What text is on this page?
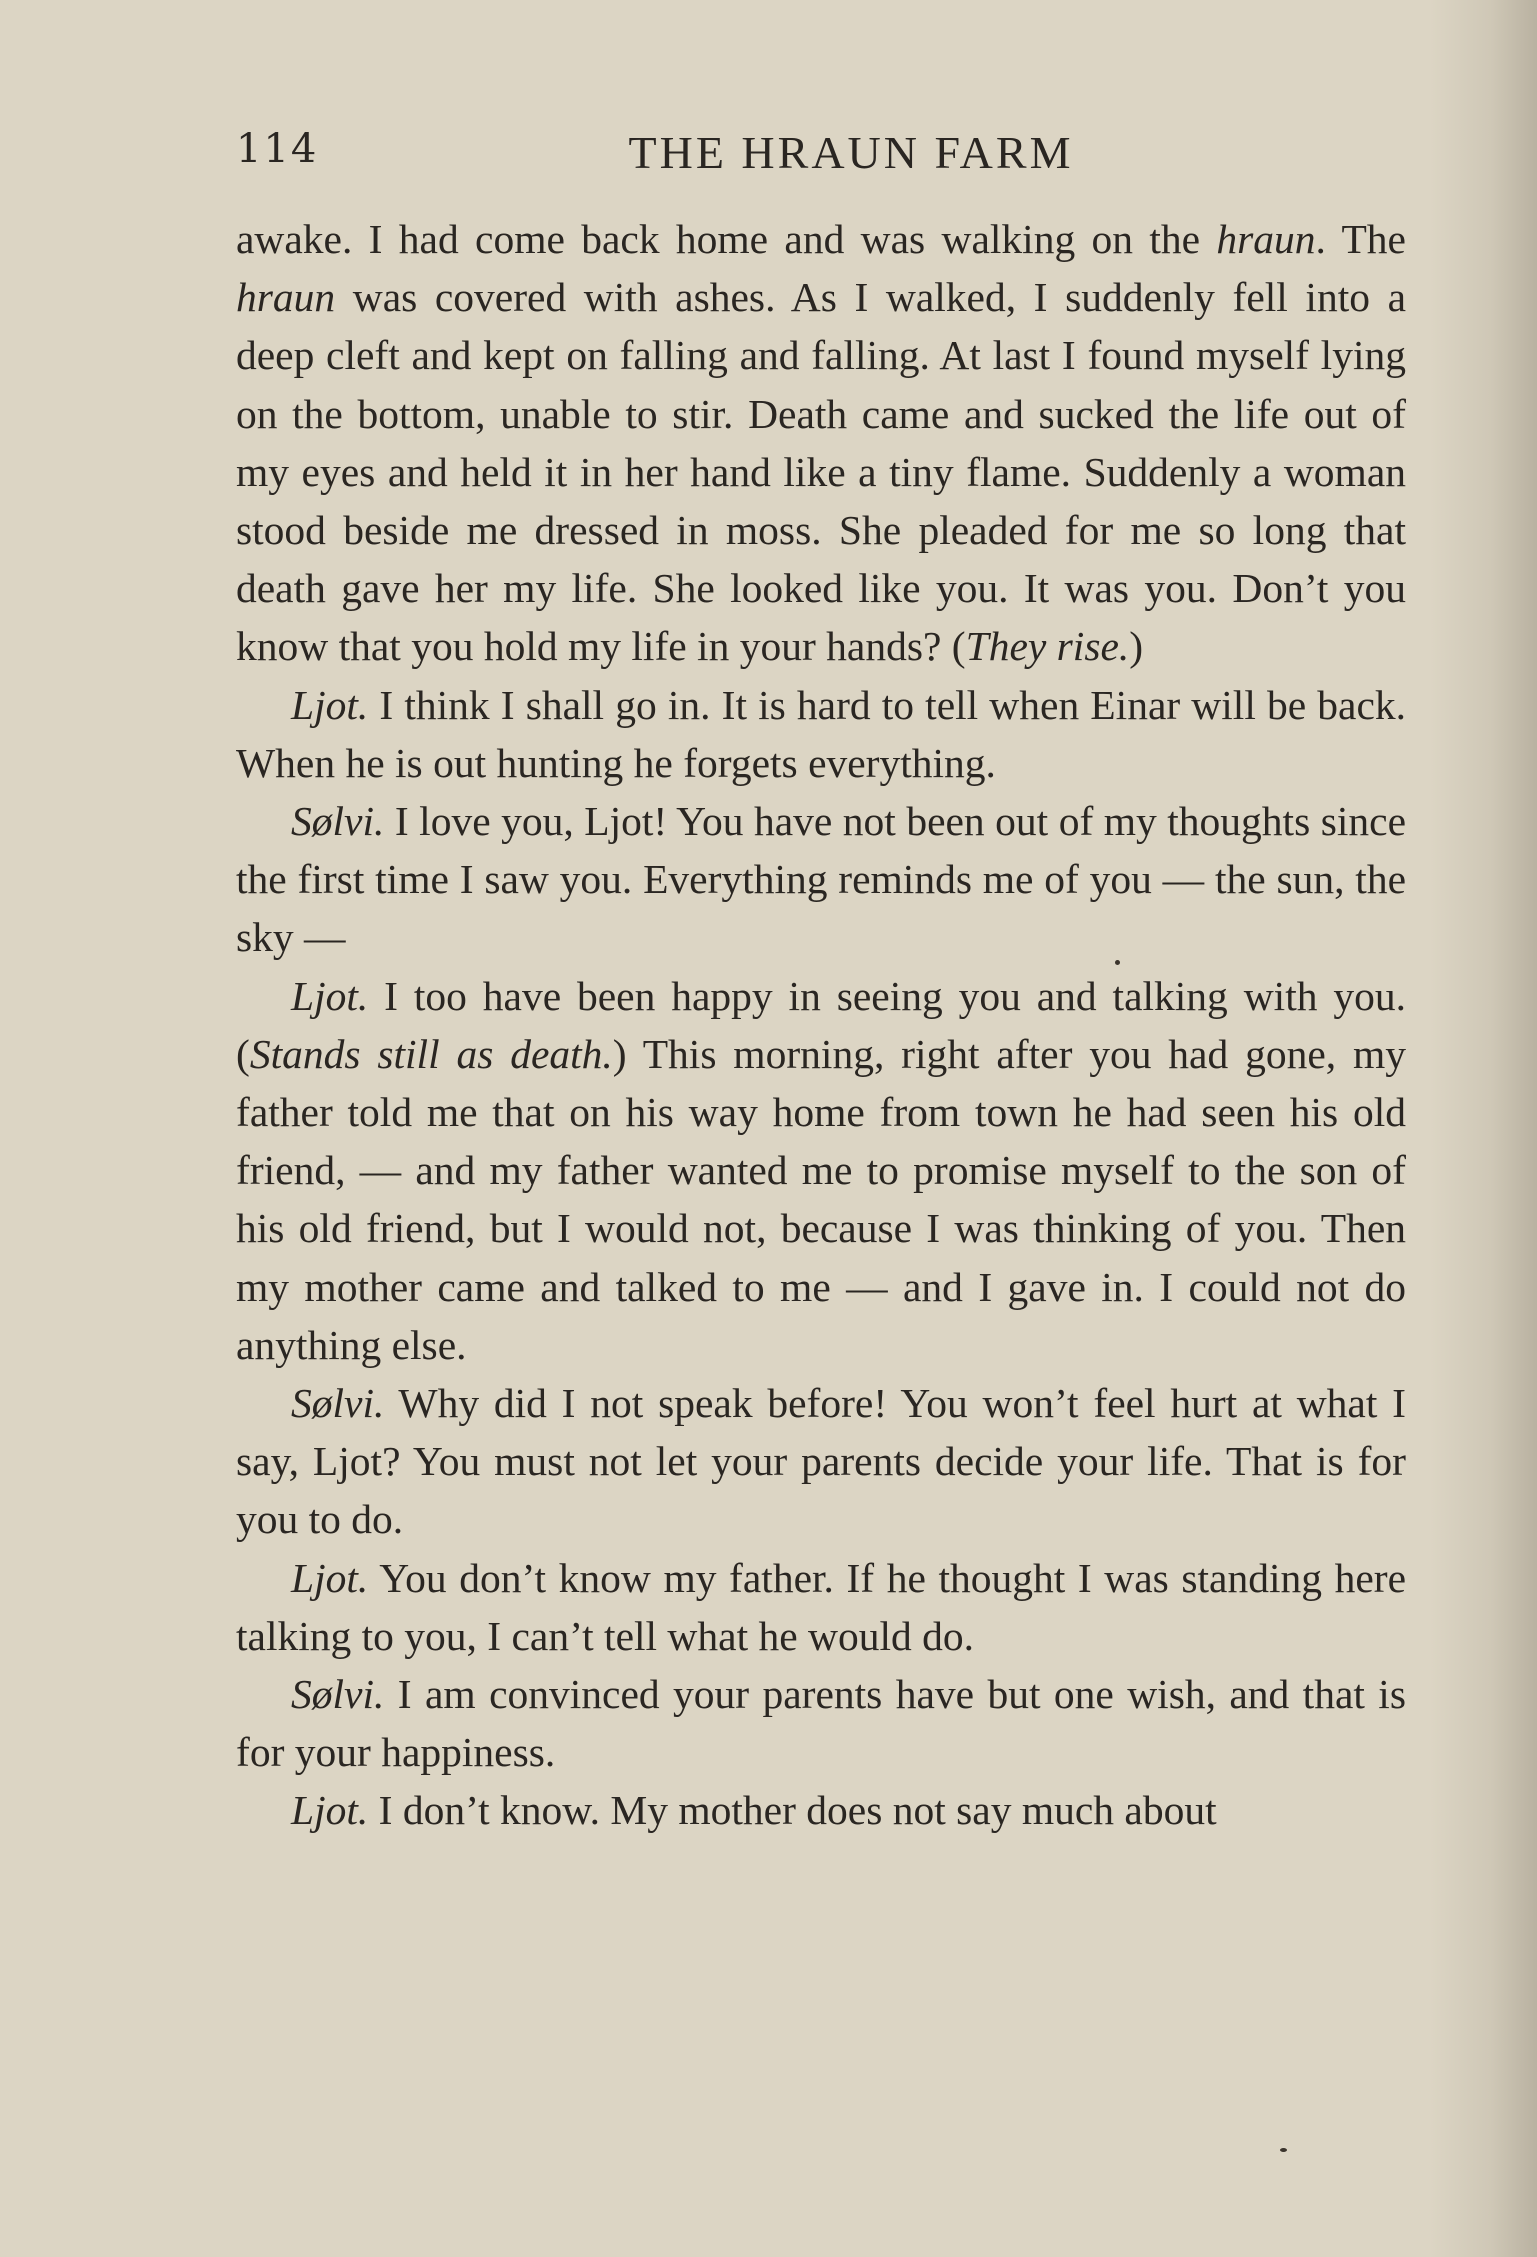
114	THE HRAUN FARM

awake. I had come back home and was walking on the hraun. The hraun was covered with ashes. As I walked, I suddenly fell into a deep cleft and kept on falling and falling. At last I found myself lying on the bottom, unable to stir. Death came and sucked the life out of my eyes and held it in her hand like a tiny flame. Suddenly a woman stood beside me dressed in moss. She pleaded for me so long that death gave her my life. She looked like you. It was you. Don’t you know that you hold my life in your hands? (They rise.)

Ljot. I think I shall go in. It is hard to tell when Einar will be back. When he is out hunting he forgets everything.

Sølvi. I love you, Ljot! You have not been out of my thoughts since the first time I saw you. Everything reminds me of you — the sun, the sky —

Ljot. I too have been happy in seeing you and talking with you. (Stands still as death.) This morning, right after you had gone, my father told me that on his way home from town he had seen his old friend, — and my father wanted me to promise myself to the son of his old friend, but I would not, because I was thinking of you. Then my mother came and talked to me — and I gave in. I could not do anything else.

Sølvi. Why did I not speak before! You won’t feel hurt at what I say, Ljot? You must not let your parents decide your life. That is for you to do.

Ljot. You don’t know my father. If he thought I was standing here talking to you, I can’t tell what he would do.

Sølvi. I am convinced your parents have but one wish, and that is for your happiness.

Ljot. I don’t know. My mother does not say much about
